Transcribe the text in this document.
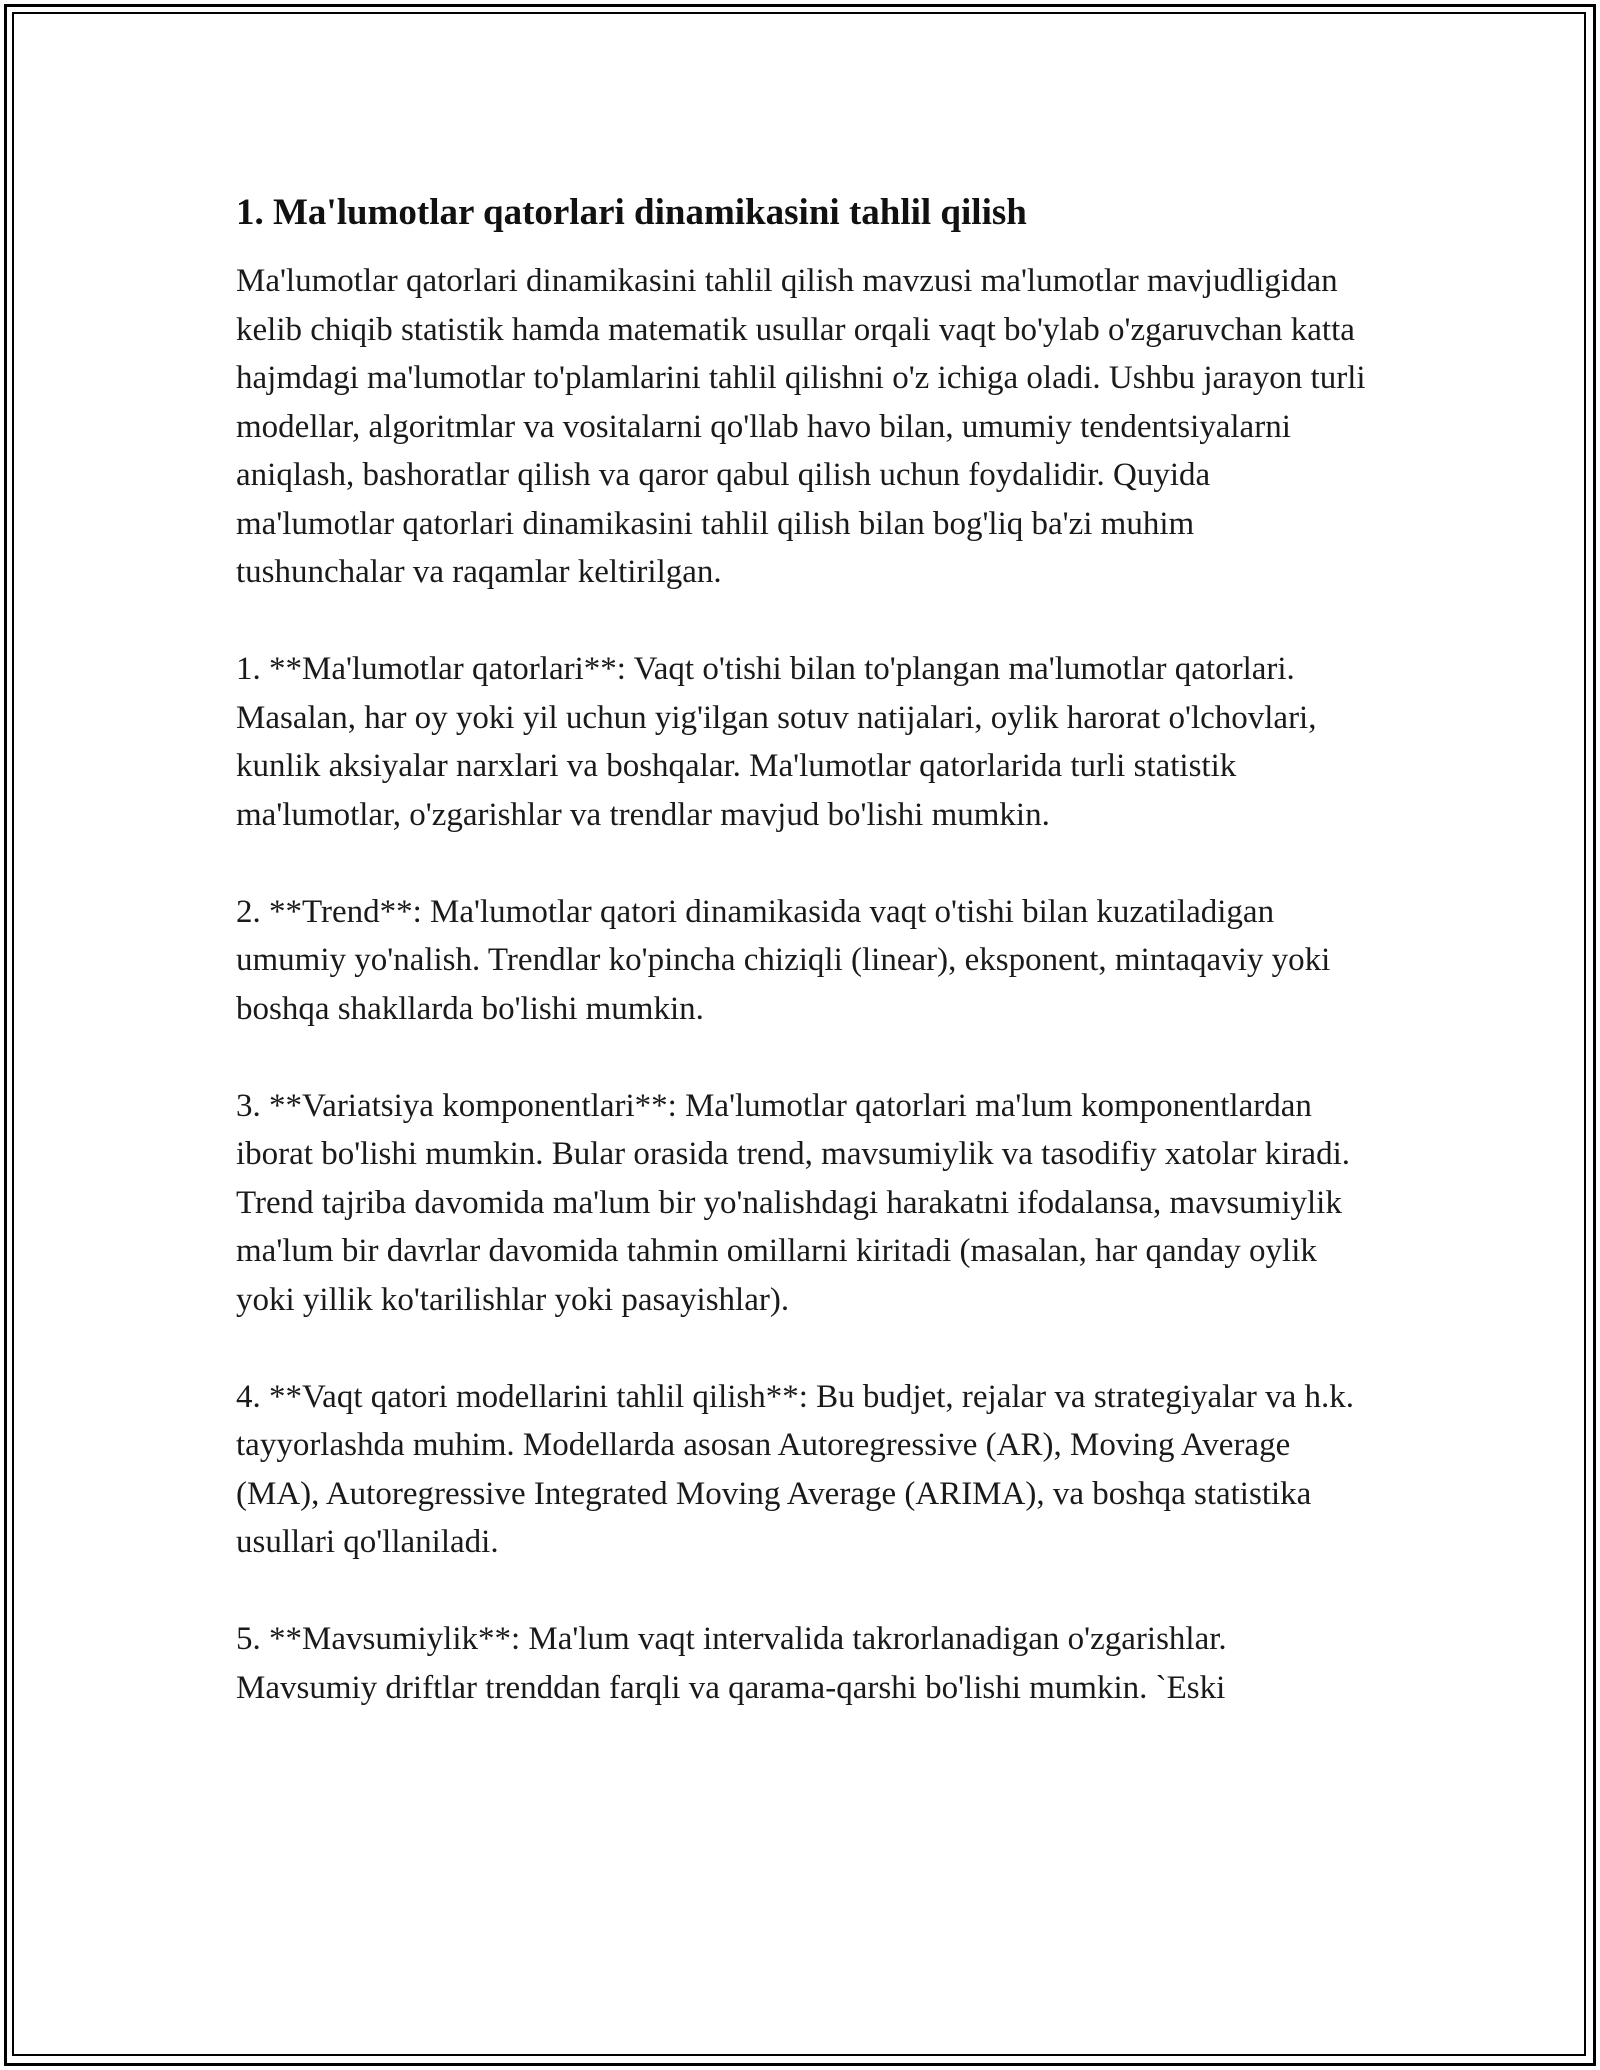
1. Ma'lumotlar qatorlari dinamikasini tahlil qilish

Ma'lumotlar qatorlari dinamikasini tahlil qilish mavzusi ma'lumotlar mavjudligidan kelib chiqib statistik hamda matematik usullar orqali vaqt bo'ylab o'zgaruvchan katta hajmdagi ma'lumotlar to'plamlarini tahlil qilishni o'z ichiga oladi. Ushbu jarayon turli modellar, algoritmlar va vositalarni qo'llab havo bilan, umumiy tendentsiyalarni aniqlash, bashoratlar qilish va qaror qabul qilish uchun foydalidir. Quyida ma'lumotlar qatorlari dinamikasini tahlil qilish bilan bog'liq ba'zi muhim tushunchalar va raqamlar keltirilgan.

1. **Ma'lumotlar qatorlari**: Vaqt o'tishi bilan to'plangan ma'lumotlar qatorlari. Masalan, har oy yoki yil uchun yig'ilgan sotuv natijalari, oylik harorat o'lchovlari, kunlik aksiyalar narxlari va boshqalar. Ma'lumotlar qatorlarida turli statistik ma'lumotlar, o'zgarishlar va trendlar mavjud bo'lishi mumkin.

2. **Trend**: Ma'lumotlar qatori dinamikasida vaqt o'tishi bilan kuzatiladigan umumiy yo'nalish. Trendlar ko'pincha chiziqli (linear), eksponent, mintaqaviy yoki boshqa shakllarda bo'lishi mumkin.

3. **Variatsiya komponentlari**: Ma'lumotlar qatorlari ma'lum komponentlardan iborat bo'lishi mumkin. Bular orasida trend, mavsumiylik va tasodifiy xatolar kiradi. Trend tajriba davomida ma'lum bir yo'nalishdagi harakatni ifodalansa, mavsumiylik ma'lum bir davrlar davomida tahmin omillarni kiritadi (masalan, har qanday oylik yoki yillik ko'tarilishlar yoki pasayishlar).

4. **Vaqt qatori modellarini tahlil qilish**: Bu budjet, rejalar va strategiyalar va h.k. tayyorlashda muhim. Modellarda asosan Autoregressive (AR), Moving Average (MA), Autoregressive Integrated Moving Average (ARIMA), va boshqa statistika usullari qo'llaniladi.

5. **Mavsumiylik**: Ma'lum vaqt intervalida takrorlanadigan o'zgarishlar. Mavsumiy driftlar trenddan farqli va qarama-qarshi bo'lishi mumkin. `Eski
